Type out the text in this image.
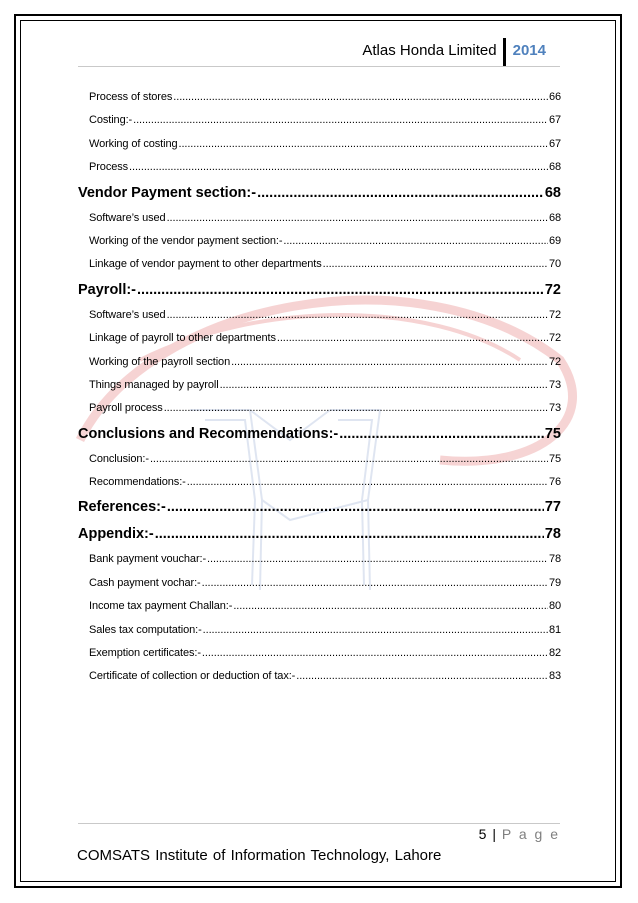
Atlas Honda Limited	2014
Process of stores .....	66
Costing:- .....	67
Working of costing .....	67
Process .....	68
Vendor Payment section:- .....	68
Software’s used .....	68
Working of the vendor payment section:- .....	69
Linkage of vendor payment to other departments .....	70
Payroll:- .....	72
Software’s used .....	72
Linkage of payroll to other departments .....	72
Working of the payroll section .....	72
Things managed by payroll .....	73
Payroll process .....	73
Conclusions and Recommendations:- .....	75
Conclusion:- .....	75
Recommendations:- .....	76
References:- .....	77
Appendix:- .....	78
Bank payment vouchar:- .....	78
Cash payment vochar:- .....	79
Income tax payment Challan:- .....	80
Sales tax computation:- .....	81
Exemption certificates:- .....	82
Certificate of collection or deduction of tax:- .....	83
5 | P a g e
COMSATS Institute of Information Technology, Lahore
